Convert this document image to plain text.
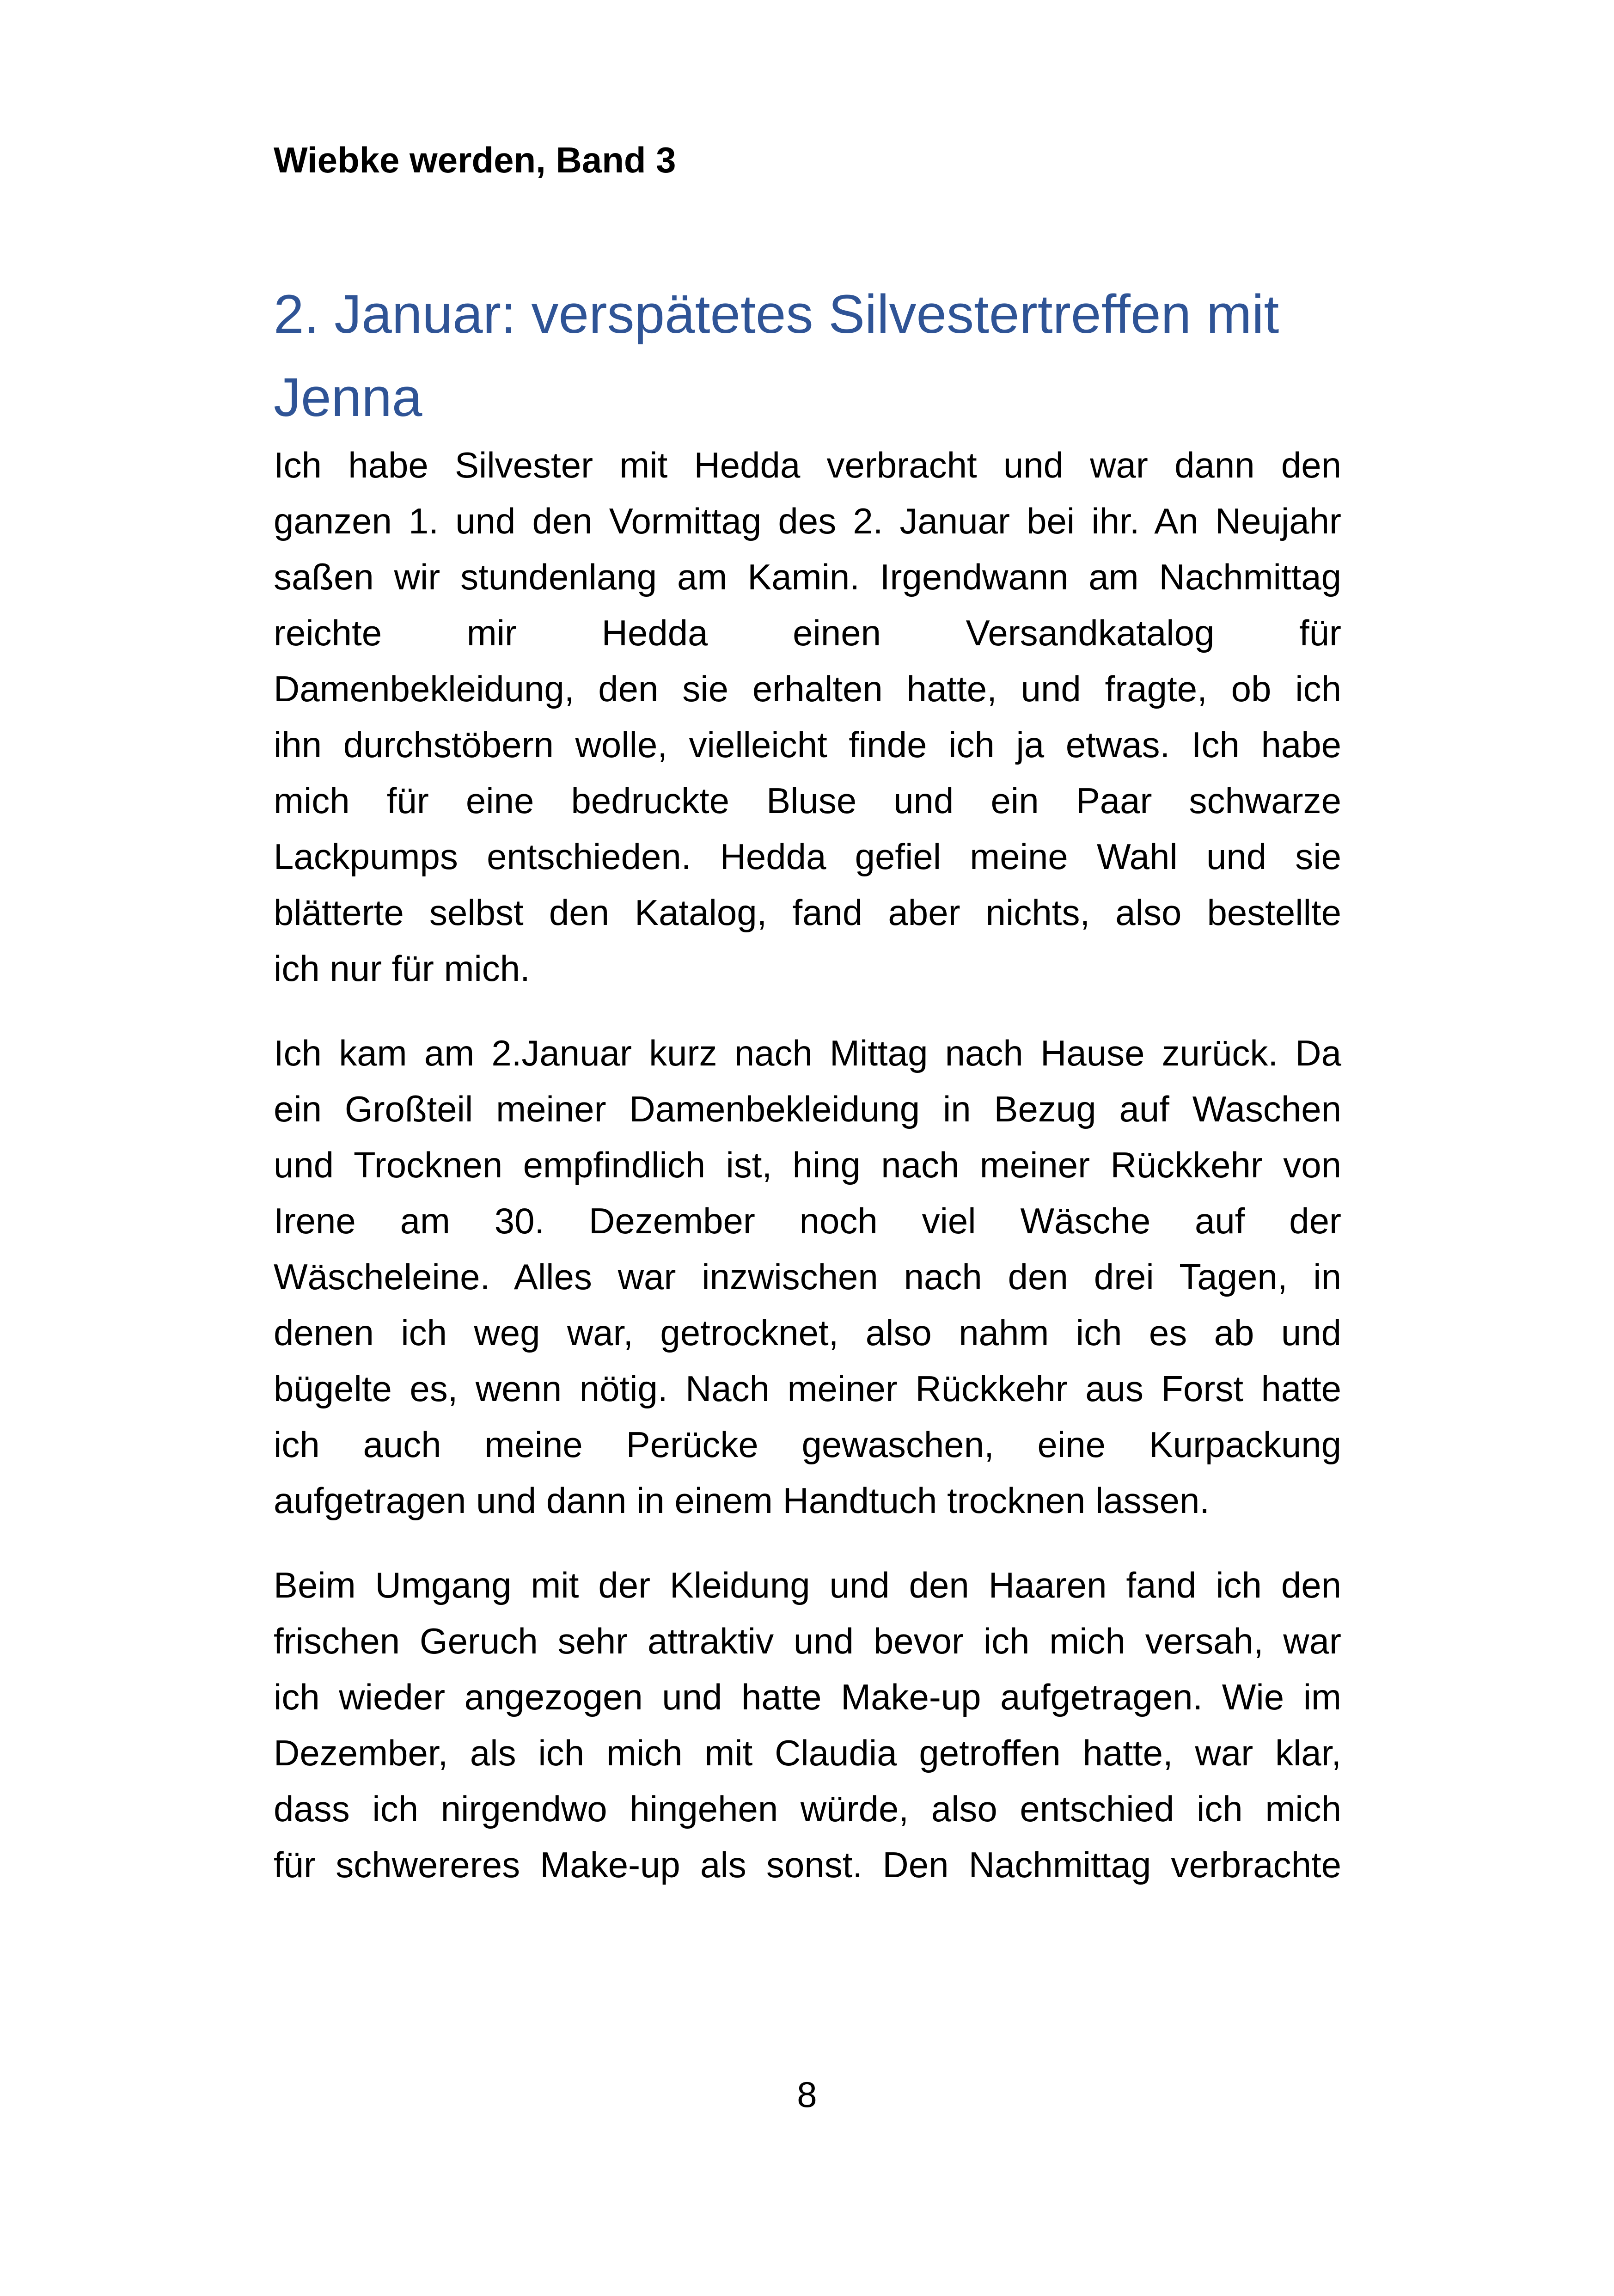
Wiebke werden, Band 3
2. Januar: verspätetes Silvestertreffen mit
Jenna

Ich habe Silvester mit Hedda verbracht und war dann den
ganzen 1. und den Vormittag des 2. Januar bei ihr. An Neujahr
saßen wir stundenlang am Kamin. Irgendwann am Nachmittag
reichte mir Hedda einen Versandkatalog für
Damenbekleidung, den sie erhalten hatte, und fragte, ob ich
ihn durchstöbern wolle, vielleicht finde ich ja etwas. Ich habe
mich für eine bedruckte Bluse und ein Paar schwarze
Lackpumps entschieden. Hedda gefiel meine Wahl und sie
blätterte selbst den Katalog, fand aber nichts, also bestellte
ich nur für mich.

Ich kam am 2.Januar kurz nach Mittag nach Hause zurück. Da
ein Großteil meiner Damenbekleidung in Bezug auf Waschen
und Trocknen empfindlich ist, hing nach meiner Rückkehr von
Irene am 30. Dezember noch viel Wäsche auf der
Wäscheleine. Alles war inzwischen nach den drei Tagen, in
denen ich weg war, getrocknet, also nahm ich es ab und
bügelte es, wenn nötig. Nach meiner Rückkehr aus Forst hatte
ich auch meine Perücke gewaschen, eine Kurpackung
aufgetragen und dann in einem Handtuch trocknen lassen.

Beim Umgang mit der Kleidung und den Haaren fand ich den
frischen Geruch sehr attraktiv und bevor ich mich versah, war
ich wieder angezogen und hatte Make-up aufgetragen. Wie im
Dezember, als ich mich mit Claudia getroffen hatte, war klar,
dass ich nirgendwo hingehen würde, also entschied ich mich
für schwereres Make-up als sonst. Den Nachmittag verbrachte

8
